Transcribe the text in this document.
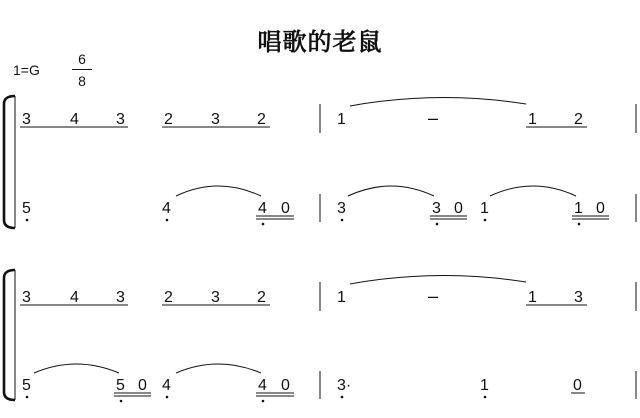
唱歌的老鼠
1=G
6
8
3 4 3 2 3 2	1	–	1 2
5	4	4 0	3	3 0 1	1 0
3 4 3 2 3 2	1	–	1 3
5	5 0 4	4 0	3·	1	0
